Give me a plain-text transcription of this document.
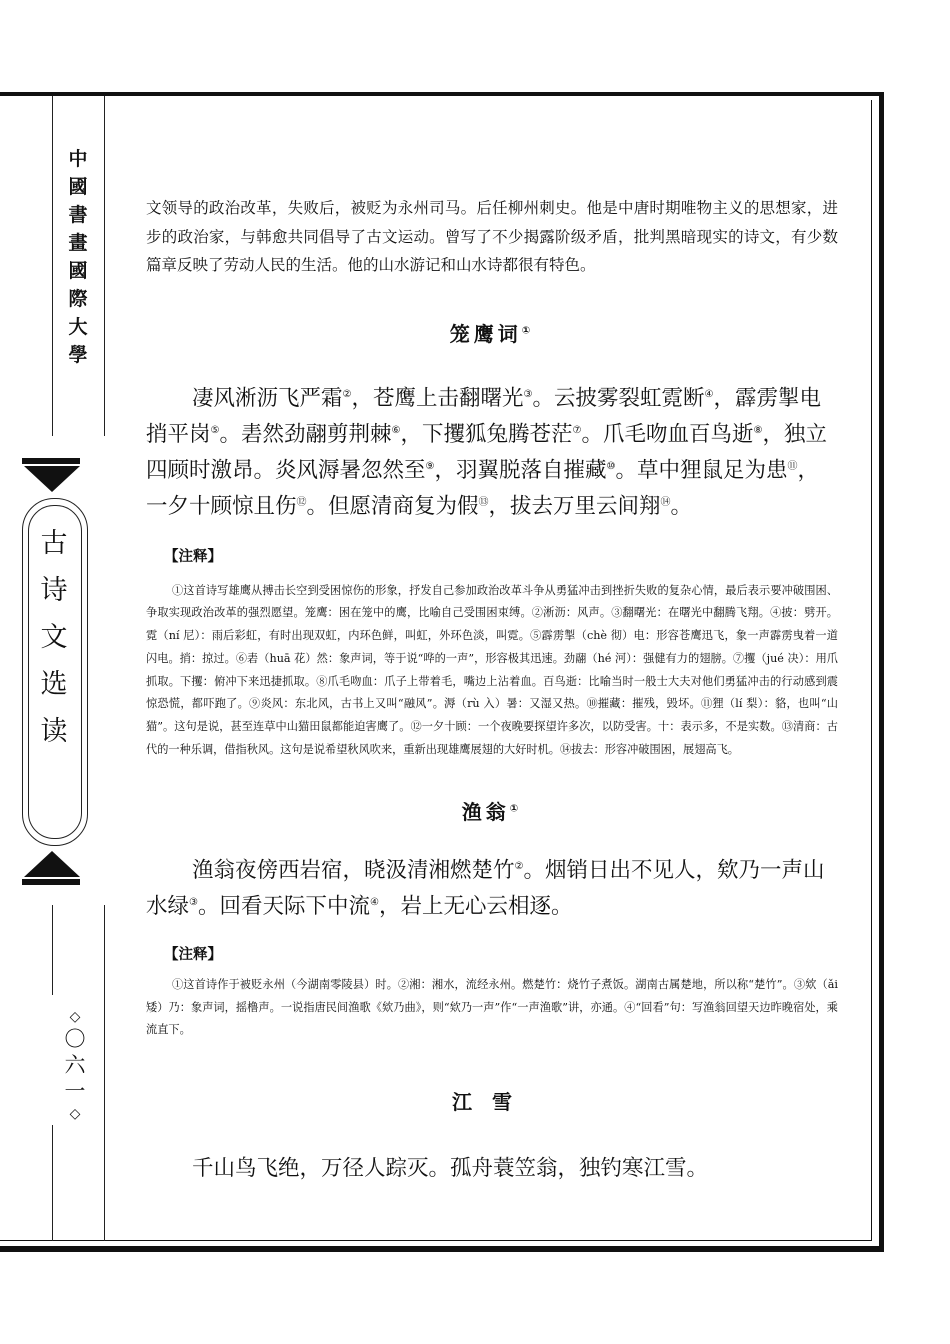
中
國
書
畫
國
際
大
學
古
诗
文
选
读
◇
〇
六
一
◇

文领导的政治改革，失败后，被贬为永州司马。后任柳州刺史。他是中唐时期唯物主义的思想家，进步的政治家，与韩愈共同倡导了古文运动。曾写了不少揭露阶级矛盾，批判黑暗现实的诗文，有少数篇章反映了劳动人民的生活。他的山水游记和山水诗都很有特色。

笼鹰词①

凄风淅沥飞严霜②，苍鹰上击翻曙光③。云披雾裂虹霓断④，霹雳掣电捎平岗⑤。砉然劲翮剪荆棘⑥，下攫狐兔腾苍茫⑦。爪毛吻血百鸟逝⑧，独立四顾时激昂。炎风溽暑忽然至⑨，羽翼脱落自摧藏⑩。草中狸鼠足为患⑪，一夕十顾惊且伤⑫。但愿清商复为假⑬，拔去万里云间翔⑭。

【注释】

①这首诗写雄鹰从搏击长空到受困惊伤的形象，抒发自己参加政治改革斗争从勇猛冲击到挫折失败的复杂心情，最后表示要冲破围困、争取实现政治改革的强烈愿望。笼鹰：困在笼中的鹰，比喻自己受围困束缚。②淅沥：风声。③翻曙光：在曙光中翻腾飞翔。④披：劈开。霓（ní 尼）：雨后彩虹，有时出现双虹，内环色鲜，叫虹，外环色淡，叫霓。⑤霹雳掣（chè 彻）电：形容苍鹰迅飞，象一声霹雳曳着一道闪电。捎：掠过。⑥砉（huā 花）然：象声词，等于说“哗的一声”，形容极其迅速。劲翮（hé 河）：强健有力的翅膀。⑦攫（jué 决）：用爪抓取。下攫：俯冲下来迅捷抓取。⑧爪毛吻血：爪子上带着毛，嘴边上沾着血。百鸟逝：比喻当时一般士大夫对他们勇猛冲击的行动感到震惊恐慌，都吓跑了。⑨炎风：东北风，古书上又叫“融风”。溽（rù 入）暑：又湿又热。⑩摧藏：摧残，毁坏。⑪狸（lí 梨）：貉，也叫“山猫”。这句是说，甚至连草中山猫田鼠都能迫害鹰了。⑫一夕十顾：一个夜晚要探望许多次，以防受害。十：表示多，不是实数。⑬清商：古代的一种乐调，借指秋风。这句是说希望秋风吹来，重新出现雄鹰展翅的大好时机。⑭拔去：形容冲破围困，展翅高飞。

渔翁①

渔翁夜傍西岩宿，晓汲清湘燃楚竹②。烟销日出不见人，欸乃一声山水绿③。回看天际下中流④，岩上无心云相逐。

【注释】

①这首诗作于被贬永州（今湖南零陵县）时。②湘：湘水，流经永州。燃楚竹：烧竹子煮饭。湖南古属楚地，所以称“楚竹”。③欸（ǎi 矮）乃：象声词，摇橹声。一说指唐民间渔歌《欸乃曲》，则“欸乃一声”作“一声渔歌”讲，亦通。④“回看”句：写渔翁回望天边昨晚宿处，乘流直下。

江雪

千山鸟飞绝，万径人踪灭。孤舟蓑笠翁，独钓寒江雪。
